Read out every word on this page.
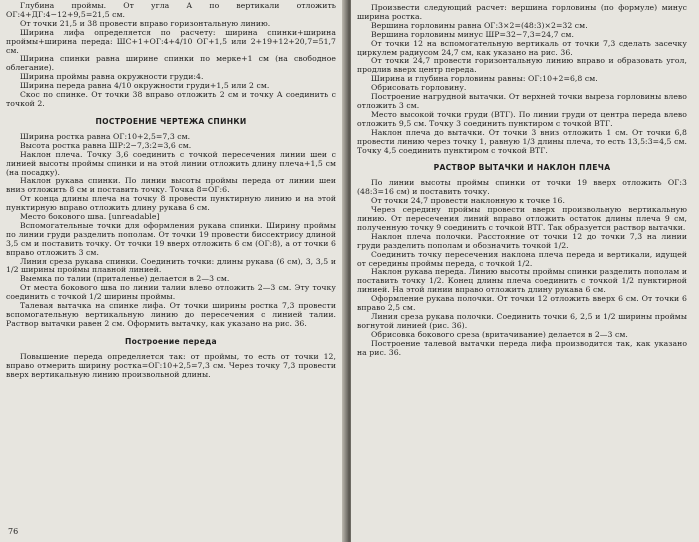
Глубина проймы. От угла А по вертикали отложить ОГ:4+ДГ:4−12+9,5=21,5 см.

От точки 21,5 и 38 провести вправо горизонтальную линию.

Ширина лифа определяется по расчету: ширина спинки+ширина проймы+ширина переда: ШС+1+ОГ:4+4/10 ОГ+1,5 или 2+19+12+20,7=51,7 см.

Ширина спинки равна ширине спинки по мерке+1 см (на свободное облегание).

Ширина проймы равна окружности груди:4.

Ширина переда равна 4/10 окружности груди+1,5 или 2 см.

Скос по спинке. От точки 38 вправо отложить 2 см и точку А соединить с точкой 2.

ПОСТРОЕНИЕ ЧЕРТЕЖА СПИНКИ

Ширина ростка равна ОГ:10+2,5=7,3 см.

Высота ростка равна ШР:2−7,3:2=3,6 см.

Наклон плеча. Точку 3,6 соединить с точкой пересечения линии шеи с линией высоты проймы спинки и на этой линии отложить длину плеча+1,5 см (на посадку).

Наклон рукава спинки. По линии высоты проймы переда от линии шеи вниз отложить 8 см и поставить точку. Точка 8=ОГ:6.

От конца длины плеча на точку 8 провести пунктирную линию и на этой пунктирную вправо отложить длину рукава 6 см.

Место бокового шва. [unreadable]

Вспомогательные точки для оформления рукава спинки. Ширину проймы по линии груди разделить пополам. От точки 19 провести биссектрису длиной 3,5 см и поставить точку. От точки 19 вверх отложить 6 см (ОГ:8), а от точки 6 вправо отложить 3 см.

Линия среза рукава спинки. Соединить точки: длины рукава (6 см), 3, 3,5 и 1/2 ширины проймы плавной линией.

Выемка по талии (приталенье) делается в 2—3 см.

От места бокового шва по линии талии влево отложить 2—3 см. Эту точку соединить с точкой 1/2 ширины проймы.

Талевая вытачка на спинке лифа. От точки ширины ростка 7,3 провести вспомогательную вертикальную линию до пересечения с линией талии. Раствор вытачки равен 2 см. Оформить вытачку, как указано на рис. 36.

Построение переда

Повышение переда определяется так: от проймы, то есть от точки 12, вправо отмерить ширину ростка=ОГ:10+2,5=7,3 см. Через точку 7,3 провести вверх вертикальную линию произвольной длины.

76

Произвести следующий расчет: вершина горловины (по формуле) минус ширина ростка.

Вершина горловины равна ОГ:3×2=(48:3)×2=32 см.

Вершина горловины минус ШР=32−7,3=24,7 см.

От точки 12 на вспомогательную вертикаль от точки 7,3 сделать засечку циркулем радиусом 24,7 см, как указано на рис. 36.

От точки 24,7 провести горизонтальную линию вправо и образовать угол, продлив вверх центр переда.

Ширина и глубина горловины равны: ОГ:10+2=6,8 см.

Обрисовать горловину.

Построение нагрудной вытачки. От верхней точки выреза горловины влево отложить 3 см.

Место высокой точки груди (ВТГ). По линии груди от центра переда влево отложить 9,5 см. Точку 3 соединить пунктиром с точкой ВТГ.

Наклон плеча до вытачки. От точки 3 вниз отложить 1 см. От точки 6,8 провести линию через точку 1, равную 1/3 длины плеча, то есть 13,5:3=4,5 см. Точку 4,5 соединить пунктиром с точкой ВТГ.

РАСТВОР ВЫТАЧКИ И НАКЛОН ПЛЕЧА

По линии высоты проймы спинки от точки 19 вверх отложить ОГ:3 (48:3=16 см) и поставить точку.

От точки 24,7 провести наклонную к точке 16.

Через середину проймы провести вверх произвольную вертикальную линию. От пересечения линий вправо отложить остаток длины плеча 9 см, полученную точку 9 соединить с точкой ВТГ. Так образуется раствор вытачки.

Наклон плеча полочки. Расстояние от точки 12 до точки 7,3 на линии груди разделить пополам и обозначить точкой 1/2.

Соединить точку пересечения наклона плеча переда и вертикали, идущей от середины проймы переда, с точкой 1/2.

Наклон рукава переда. Линию высоты проймы спинки разделить пополам и поставить точку 1/2. Конец длины плеча соединить с точкой 1/2 пунктирной линией. На этой линии вправо отложить длину рукава 6 см.

Оформление рукава полочки. От точки 12 отложить вверх 6 см. От точки 6 вправо 2,5 см.

Линия среза рукава полочки. Соединить точки 6, 2,5 и 1/2 ширины проймы вогнутой линией (рис. 36).

Обрисовка бокового среза (вритачивание) делается в 2—3 см.

Построение талевой вытачки переда лифа производится так, как указано на рис. 36.
